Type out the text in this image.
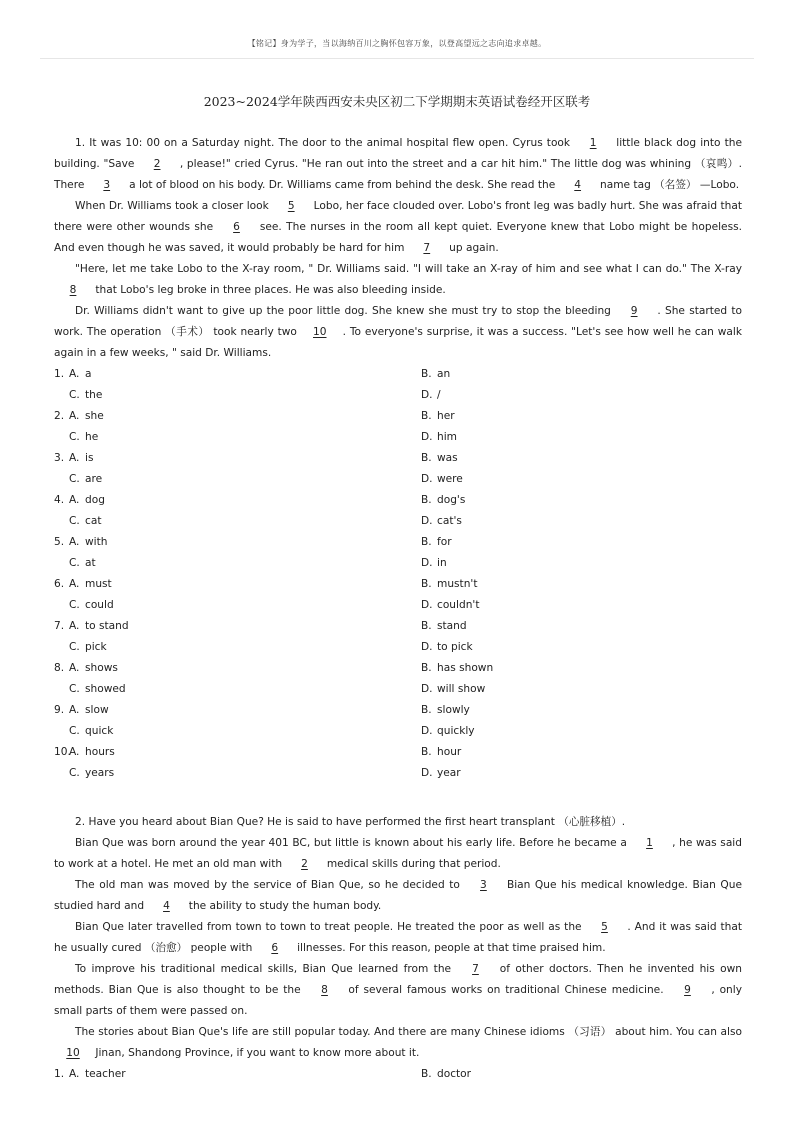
【铭记】身为学子，当以海纳百川之胸怀包容万象，以登高望远之志向追求卓越。
2023~2024学年陕西西安未央区初二下学期期末英语试卷经开区联考

1. It was 10: 00 on a Saturday night. The door to the animal hospital flew open. Cyrus took 1 little black dog into the building. "Save 2 , please!" cried Cyrus. "He ran out into the street and a car hit him." The little dog was whining （哀鸣）. There 3 a lot of blood on his body. Dr. Williams came from behind the desk. She read the 4 name tag （名签） —Lobo.

When Dr. Williams took a closer look 5 Lobo, her face clouded over. Lobo's front leg was badly hurt. She was afraid that there were other wounds she 6 see. The nurses in the room all kept quiet. Everyone knew that Lobo might be hopeless. And even though he was saved, it would probably be hard for him 7 up again.

"Here, let me take Lobo to the X-ray room, " Dr. Williams said. "I will take an X-ray of him and see what I can do." The X-ray 8 that Lobo's leg broke in three places. He was also bleeding inside.

Dr. Williams didn't want to give up the poor little dog. She knew she must try to stop the bleeding 9 . She started to work. The operation （手术） took nearly two 10 . To everyone's surprise, it was a success. "Let's see how well he can walk again in a few weeks, " said Dr. Williams.

1. A. a	B. an
C. the	D. /
2. A. she	B. her
C. he	D. him
3. A. is	B. was
C. are	D. were
4. A. dog	B. dog's
C. cat	D. cat's
5. A. with	B. for
C. at	D. in
6. A. must	B. mustn't
C. could	D. couldn't
7. A. to stand	B. stand
C. pick	D. to pick
8. A. shows	B. has shown
C. showed	D. will show
9. A. slow	B. slowly
C. quick	D. quickly
10.
A. hours	B. hour
C. years	D. year

2. Have you heard about Bian Que? He is said to have performed the first heart transplant （心脏移植）.

Bian Que was born around the year 401 BC, but little is known about his early life. Before he became a 1 , he was said to work at a hotel. He met an old man with 2 medical skills during that period.

The old man was moved by the service of Bian Que, so he decided to 3 Bian Que his medical knowledge. Bian Que studied hard and 4 the ability to study the human body.

Bian Que later travelled from town to town to treat people. He treated the poor as well as the 5 . And it was said that he usually cured （治愈） people with 6 illnesses. For this reason, people at that time praised him.

To improve his traditional medical skills, Bian Que learned from the 7 of other doctors. Then he invented his own methods. Bian Que is also thought to be the 8 of several famous works on traditional Chinese medicine. 9 , only small parts of them were passed on.

The stories about Bian Que's life are still popular today. And there are many Chinese idioms （习语） about him. You can also 10 Jinan, Shandong Province, if you want to know more about it.

1. A. teacher	B. doctor
